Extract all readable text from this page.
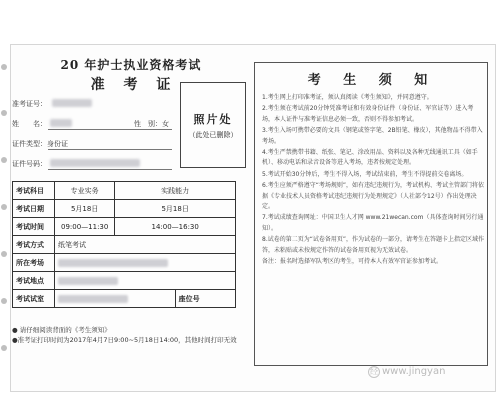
20 年护士执业资格考试
准 考 证
准考证号：
姓　　名：	性　别：女
证件类型：身份证
证件号码：
照片处
（此处已删除）
考试科目	专业实务	实践能力	
考试日期	5月18日	5月18日	
考试时间	09:00—11:30	14:00—16:30	
考试方式	纸笔考试		
所在考场			
考试地点			
考试试室			座位号
● 请仔细阅读背面的《考生须知》
●准考证打印时间为2017年4月7日9:00~5月18日14:00，其他时间打印无效
考 生 须 知

1.考生网上打印准考证，须认真阅读《考生须知》，并同意遵守。

2.考生须在考试前20分钟凭准考证和有效身份证件（身份证、军官证等）进入考场，本人证件与准考证信息必须一致，否则不得参加考试。

3.考生入场可携带必要的文具（钢笔或签字笔、2B铅笔、橡皮），其他物品不得带入考场。

4.考生严禁携带书籍、纸张、笔记、涂改用品、资料以及各种无线通讯工具（如手机）、移动电话和录音设备等进入考场，违者按规定处理。

5.考试开始30分钟后，考生不得入场，考试结束前，考生不得提前交卷离场。

6.考生应须严格遵守“考场规则”，如有违纪违规行为，考试机构、考试主管部门将依据《专业技术人员资格考试违纪违规行为处理规定》（人社部令12号）作出处理决定。

7.考试成绩查询网址：中国卫生人才网 www.21wecan.com（具体查询时间另行通知）。

8.试卷的第二页为“试卷备用页”，作为试卷的一部分，请考生在答题卡上指定区域作答，未粘贴或未按规定作答的试卷备用页视为无效试卷。

备注：报名时选择军队考区的考生，可持本人有效军官证参加考试。

经 www.jingyan
